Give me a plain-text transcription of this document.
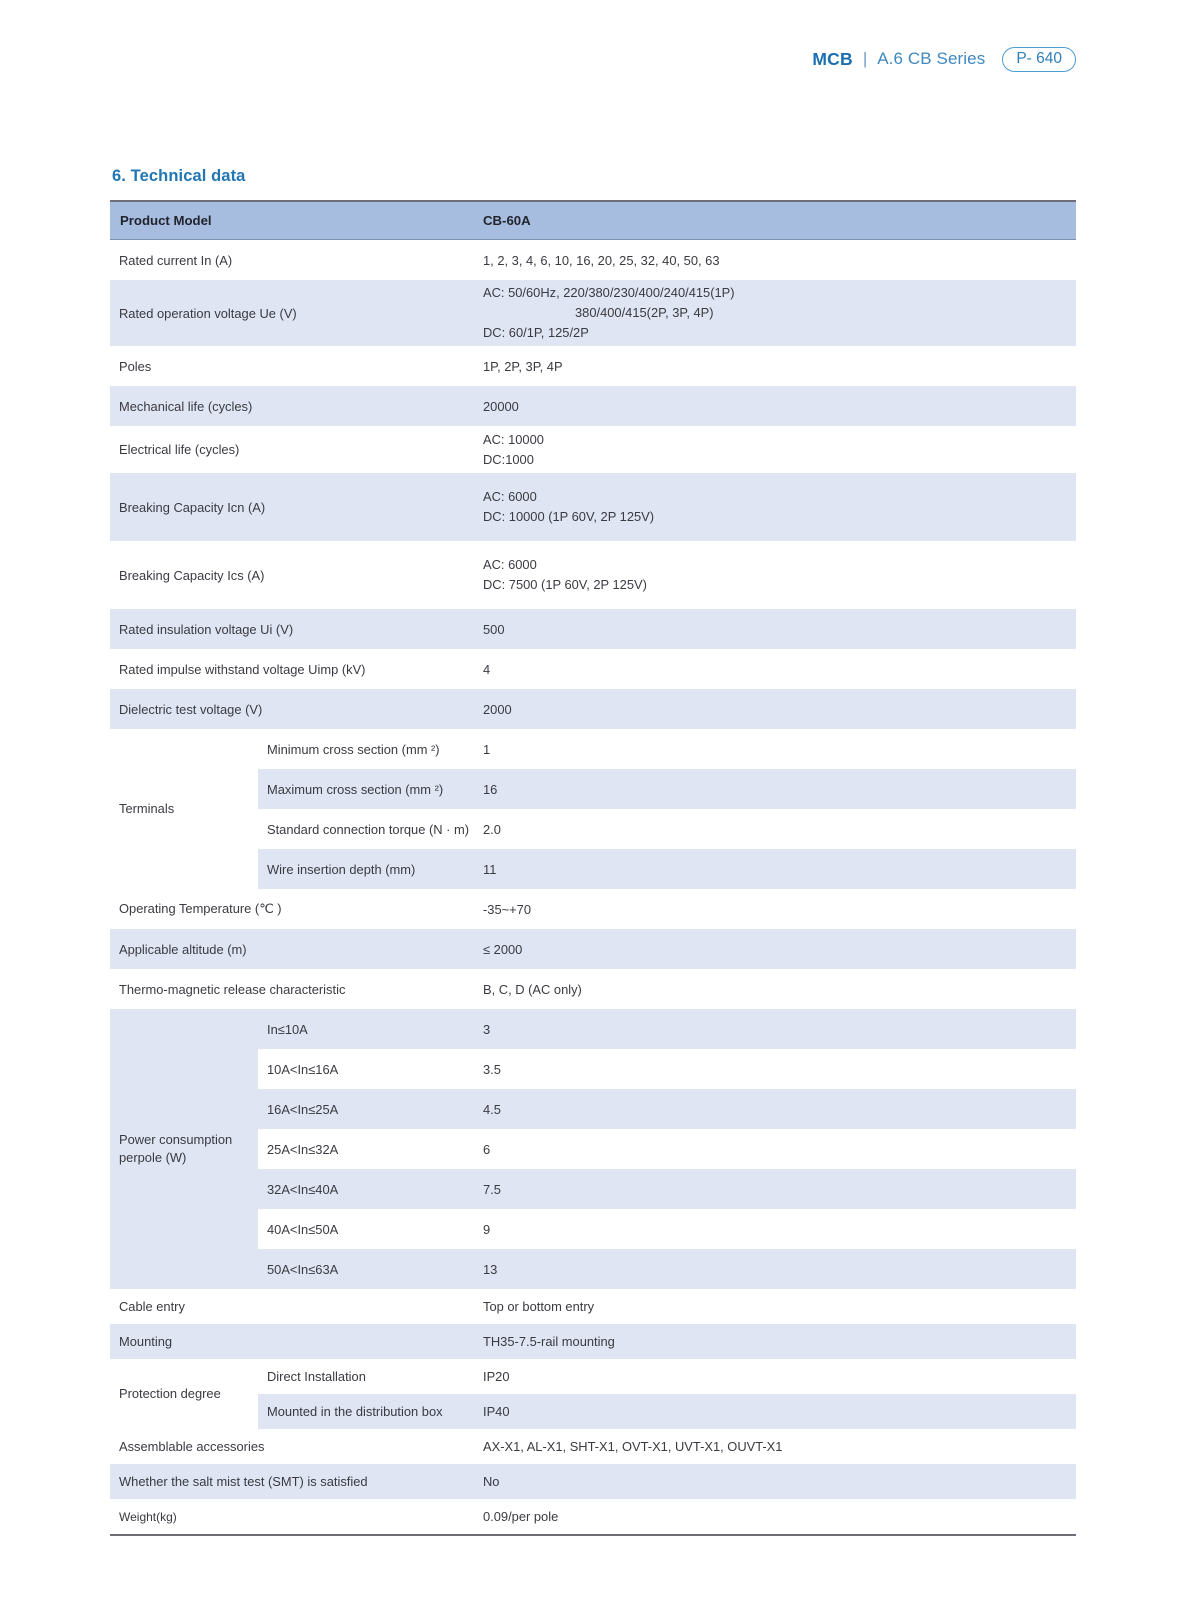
MCB | A.6 CB Series	P- 640
6. Technical data
Product Model		CB-60A
Rated current In (A)		1, 2, 3, 4, 6, 10, 16, 20, 25, 32, 40, 50, 63
Rated operation voltage Ue (V)		AC: 50/60Hz, 220/380/230/400/240/415(1P)

380/400/415(2P, 3P, 4P)
DC: 60/1P, 125/2P
Poles		1P, 2P, 3P, 4P
Mechanical life (cycles)		20000
Electrical life (cycles)		AC: 10000
DC:1000
Breaking Capacity Icn (A)		AC: 6000
DC: 10000 (1P 60V, 2P 125V)
Breaking Capacity Ics (A)		AC: 6000
DC: 7500 (1P 60V, 2P 125V)
Rated insulation voltage Ui (V)		500
Rated impulse withstand voltage Uimp (kV)		4
Dielectric test voltage (V)		2000
Terminals	Minimum cross section (mm ²)	1
	Maximum cross section (mm ²)	16
	Standard connection torque (N · m)	2.0
	Wire insertion depth (mm)	11
Operating Temperature (℃ )		-35~+70
Applicable altitude (m)		≤ 2000
Thermo-magnetic release characteristic		B, C, D (AC only)
Power consumption
perpole (W)	In≤10A	3
	10A<In≤16A	3.5
	16A<In≤25A	4.5
	25A<In≤32A	6
	32A<In≤40A	7.5
	40A<In≤50A	9
	50A<In≤63A	13
Cable entry		Top or bottom entry
Mounting		TH35-7.5-rail mounting
Protection degree	Direct Installation	IP20
	Mounted in the distribution box	IP40
Assemblable accessories		AX-X1, AL-X1, SHT-X1, OVT-X1, UVT-X1, OUVT-X1
Whether the salt mist test (SMT) is satisfied		No
Weight(kg)		0.09/per pole
